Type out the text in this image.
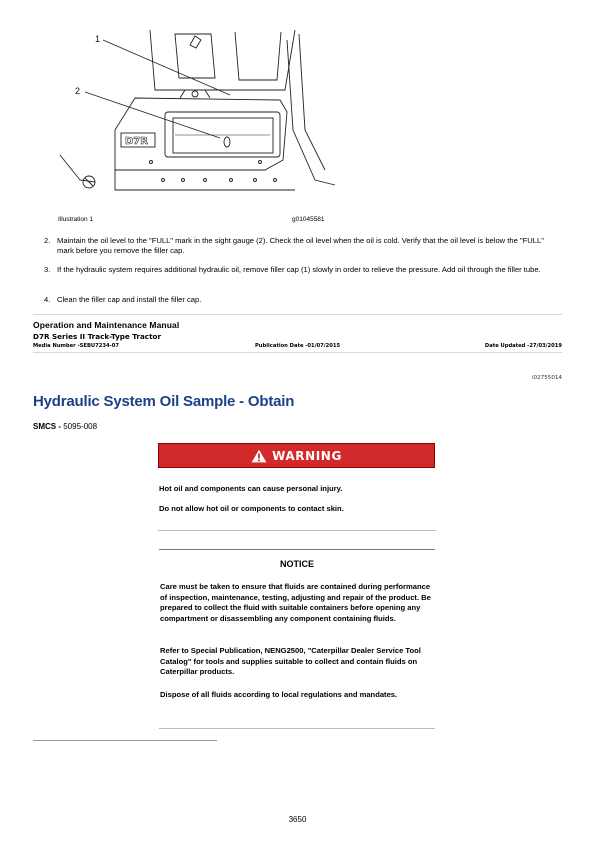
D7R
1
2
Illustration 1	g01045581
2. Maintain the oil level to the "FULL" mark in the sight gauge (2). Check the oil level when the oil is cold. Verify that the oil level is below the "FULL" mark before you remove the filler cap.
3. If the hydraulic system requires additional hydraulic oil, remove filler cap (1) slowly in order to relieve the pressure. Add oil through the filler tube.
4. Clean the filler cap and install the filler cap.
Operation and Maintenance Manual
D7R Series II Track-Type Tractor
Media Number -SEBU7234-07	Publication Date -01/07/2015	Date Updated -27/03/2019
i02755014
Hydraulic System Oil Sample - Obtain
SMCS - 5095-008
WARNING
Hot oil and components can cause personal injury.
Do not allow hot oil or components to contact skin.
NOTICE
Care must be taken to ensure that fluids are contained during performance of inspection, maintenance, testing, adjusting and repair of the product. Be prepared to collect the fluid with suitable containers before opening any compartment or disassembling any component containing fluids.
Refer to Special Publication, NENG2500, "Caterpillar Dealer Service Tool Catalog" for tools and supplies suitable to collect and contain fluids on Caterpillar products.
Dispose of all fluids according to local regulations and mandates.
3650
